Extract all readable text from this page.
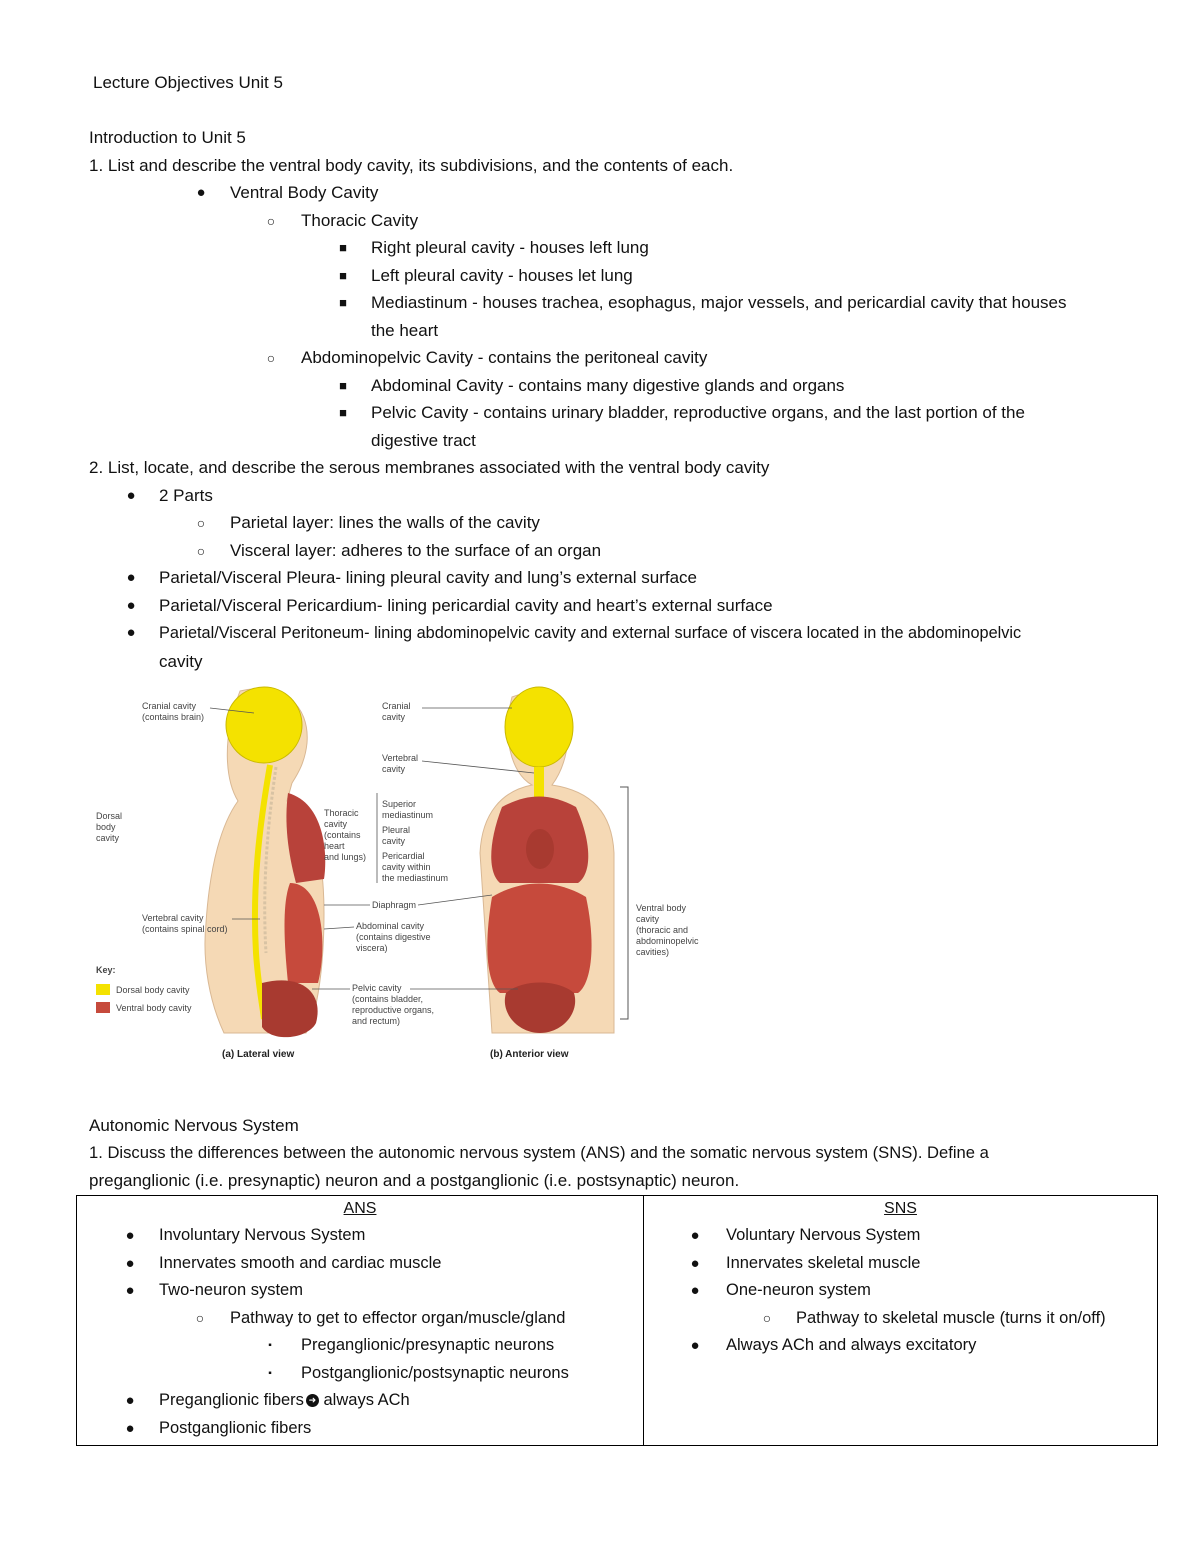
Lecture Objectives Unit 5
Introduction to Unit 5
1. List and describe the ventral body cavity, its subdivisions, and the contents of each.
●	Ventral Body Cavity
○	Thoracic Cavity
■	Right pleural cavity - houses left lung
■	Left pleural cavity - houses let lung
■	Mediastinum - houses trachea, esophagus, major vessels, and pericardial cavity that houses
the heart
○	Abdominopelvic Cavity - contains the peritoneal cavity
■	Abdominal Cavity - contains many digestive glands and organs
■	Pelvic Cavity - contains urinary bladder, reproductive organs, and the last portion of the
digestive tract
2. List, locate, and describe the serous membranes associated with the ventral body cavity
●	2 Parts
○	Parietal layer: lines the walls of the cavity
○	Visceral layer: adheres to the surface of an organ
●	Parietal/Visceral Pleura- lining pleural cavity and lung’s external surface
●	Parietal/Visceral Pericardium- lining pericardial cavity and heart’s external surface
●	Parietal/Visceral Peritoneum- lining abdominopelvic cavity and external surface of viscera located in the abdominopelvic
cavity
Cranial cavity (contains brain)
Dorsal body cavity
Thoracic cavity (contains heart and lungs)
Vertebral cavity (contains spinal cord)
Key:
Dorsal body cavity
Ventral body cavity
(a) Lateral view
Cranial cavity
Vertebral cavity
Superior mediastinum
Pleural cavity
Pericardial cavity within the mediastinum
Diaphragm
Abdominal cavity (contains digestive viscera)
Pelvic cavity (contains bladder, reproductive organs, and rectum)
Ventral body cavity (thoracic and abdominopelvic cavities)
(b) Anterior view
Autonomic Nervous System
1. Discuss the differences between the autonomic nervous system (ANS) and the somatic nervous system (SNS). Define a
preganglionic (i.e. presynaptic) neuron and a postganglionic (i.e. postsynaptic) neuron.
ANS
●	Involuntary Nervous System
●	Innervates smooth and cardiac muscle
●	Two-neuron system
○	Pathway to get to effector organ/muscle/gland
▪	Preganglionic/presynaptic neurons
▪	Postganglionic/postsynaptic neurons
●	Preganglionic fibers ➜ always ACh
●	Postganglionic fibers

SNS
●	Voluntary Nervous System
●	Innervates skeletal muscle
●	One-neuron system
○	Pathway to skeletal muscle (turns it on/off)
●	Always ACh and always excitatory
